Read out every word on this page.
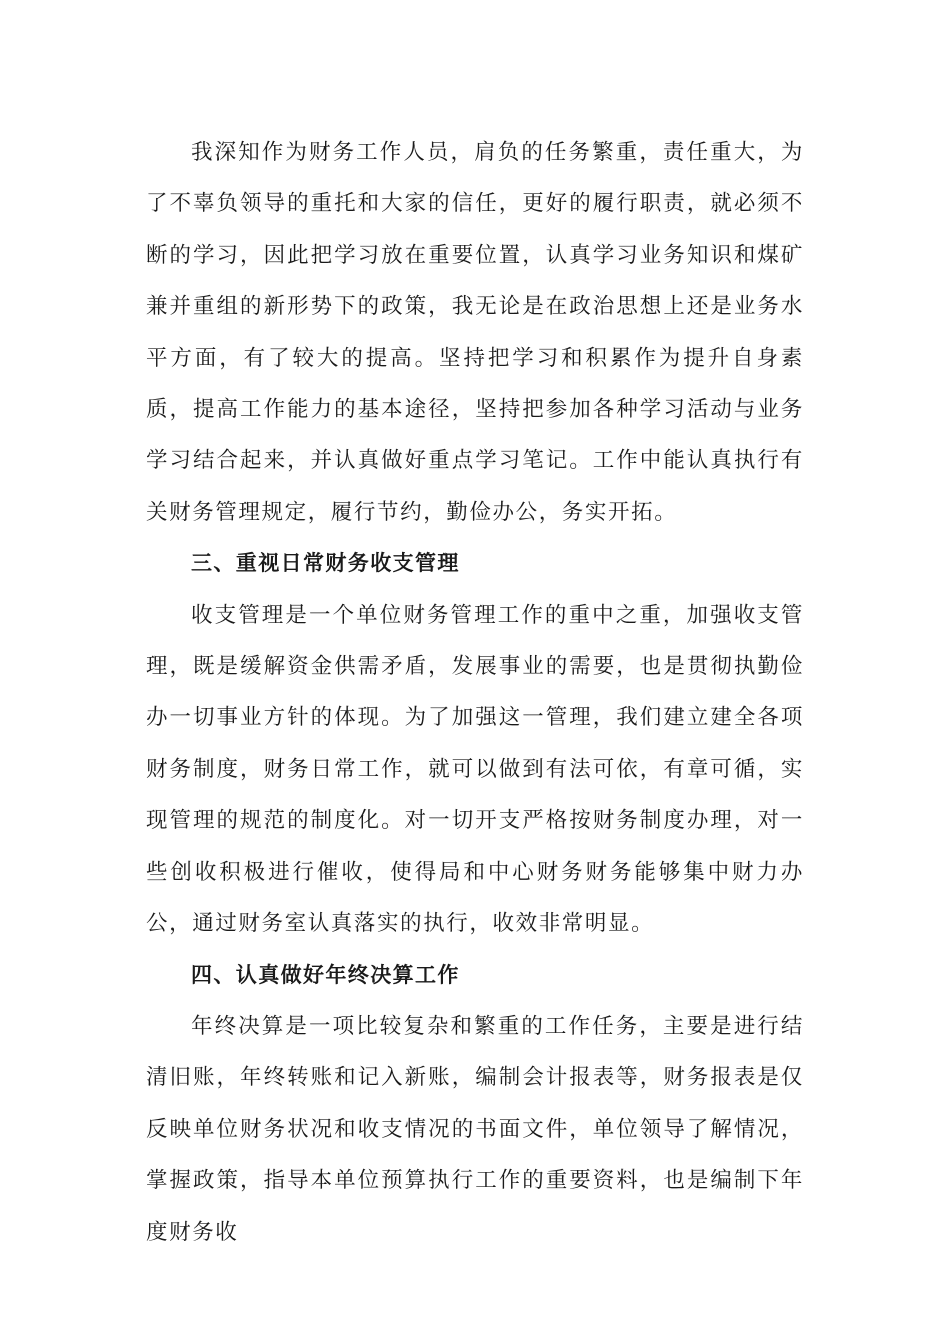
我深知作为财务工作人员，肩负的任务繁重，责任重大，为了不辜负领导的重托和大家的信任，更好的履行职责，就必须不断的学习，因此把学习放在重要位置，认真学习业务知识和煤矿兼并重组的新形势下的政策，我无论是在政治思想上还是业务水平方面，有了较大的提高。坚持把学习和积累作为提升自身素质，提高工作能力的基本途径，坚持把参加各种学习活动与业务学习结合起来，并认真做好重点学习笔记。工作中能认真执行有关财务管理规定，履行节约，勤俭办公，务实开拓。

三、重视日常财务收支管理

收支管理是一个单位财务管理工作的重中之重，加强收支管理，既是缓解资金供需矛盾，发展事业的需要，也是贯彻执勤俭办一切事业方针的体现。为了加强这一管理，我们建立建全各项财务制度，财务日常工作，就可以做到有法可依，有章可循，实现管理的规范的制度化。对一切开支严格按财务制度办理，对一些创收积极进行催收，使得局和中心财务财务能够集中财力办公，通过财务室认真落实的执行，收效非常明显。

四、认真做好年终决算工作

年终决算是一项比较复杂和繁重的工作任务，主要是进行结清旧账，年终转账和记入新账，编制会计报表等，财务报表是仅反映单位财务状况和收支情况的书面文件，单位领导了解情况，掌握政策，指导本单位预算执行工作的重要资料，也是编制下年度财务收
